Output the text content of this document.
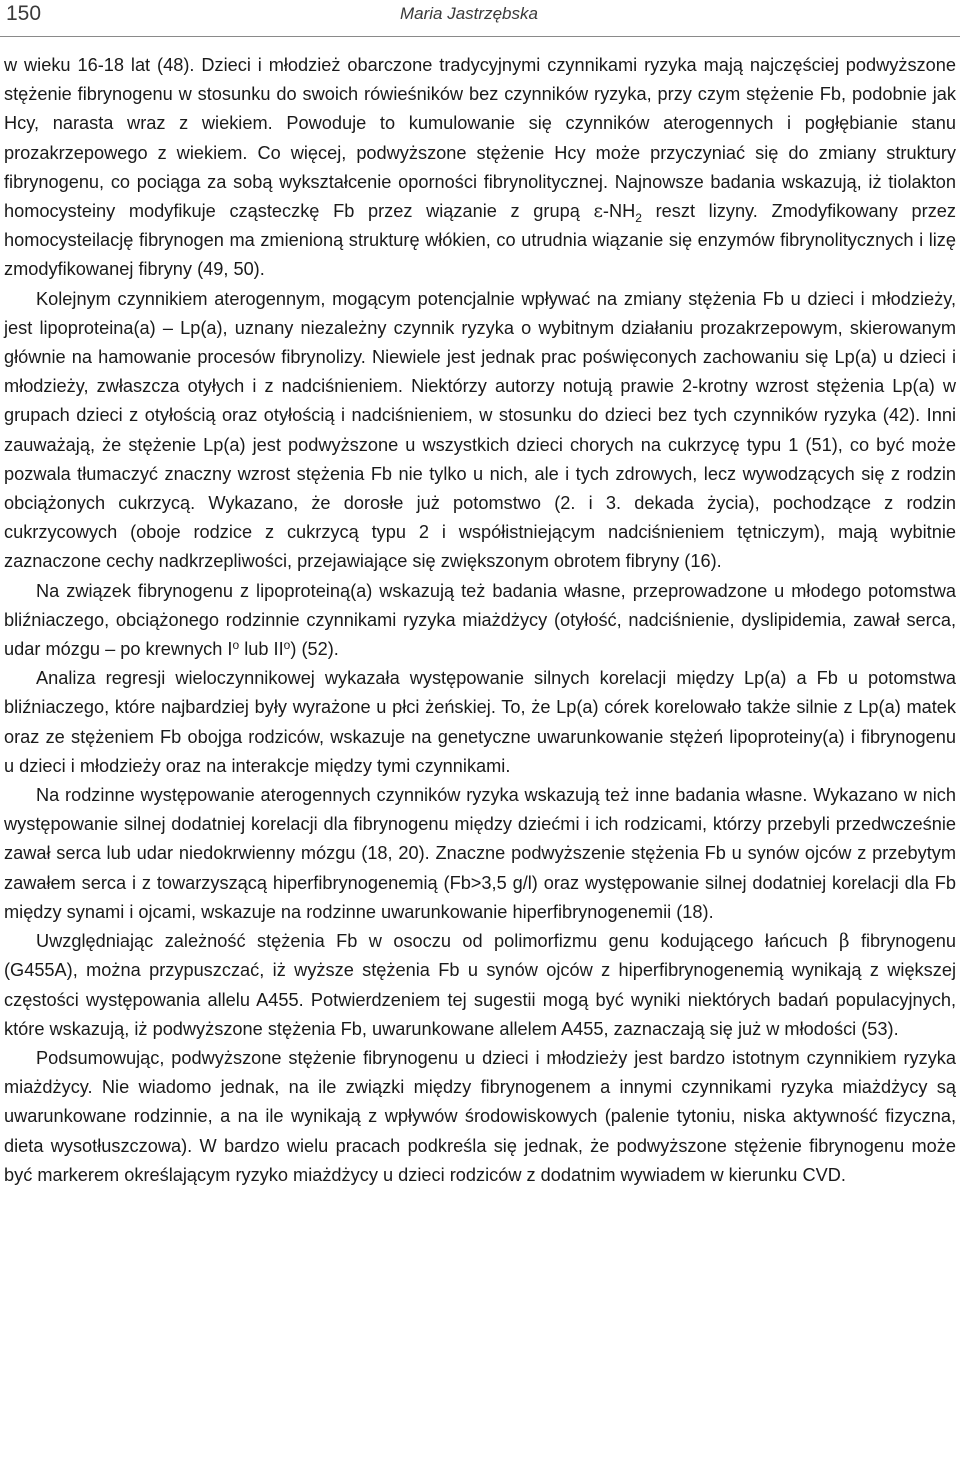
150	Maria Jastrzębska

w wieku 16-18 lat (48). Dzieci i młodzież obarczone tradycyjnymi czynnikami ryzyka mają najczęściej podwyższone stężenie fibrynogenu w stosunku do swoich rówieśników bez czynników ryzyka, przy czym stężenie Fb, podobnie jak Hcy, narasta wraz z wiekiem. Powoduje to kumulowanie się czynników aterogennych i pogłębianie stanu prozakrzepowego z wiekiem. Co więcej, podwyższone stężenie Hcy może przyczyniać się do zmiany struktury fibrynogenu, co pociąga za sobą wykształcenie oporności fibrynolitycznej. Najnowsze badania wskazują, iż tiolakton homocysteiny modyfikuje cząsteczkę Fb przez wiązanie z grupą $\varepsilon-NH_2$ reszt lizyny. Zmodyfikowany przez homocysteilację fibrynogen ma zmienioną strukturę włókien, co utrudnia wiązanie się enzymów fibrynolitycznych i lizę zmodyfikowanej fibryny (49, 50).

Kolejnym czynnikiem aterogennym, mogącym potencjalnie wpływać na zmiany stężenia Fb u dzieci i młodzieży, jest lipoproteina(a) – Lp(a), uznany niezależny czynnik ryzyka o wybitnym działaniu prozakrzepowym, skierowanym głównie na hamowanie procesów fibrynolizy. Niewiele jest jednak prac poświęconych zachowaniu się Lp(a) u dzieci i młodzieży, zwłaszcza otyłych i z nadciśnieniem. Niektórzy autorzy notują prawie 2-krotny wzrost stężenia Lp(a) w grupach dzieci z otyłością oraz otyłością i nadciśnieniem, w stosunku do dzieci bez tych czynników ryzyka (42). Inni zauważają, że stężenie Lp(a) jest podwyższone u wszystkich dzieci chorych na cukrzycę typu 1 (51), co być może pozwala tłumaczyć znaczny wzrost stężenia Fb nie tylko u nich, ale i tych zdrowych, lecz wywodzących się z rodzin obciążonych cukrzycą. Wykazano, że dorosłe już potomstwo (2. i 3. dekada życia), pochodzące z rodzin cukrzycowych (oboje rodzice z cukrzycą typu 2 i współistniejącym nadciśnieniem tętniczym), mają wybitnie zaznaczone cechy nadkrzepliwości, przejawiające się zwiększonym obrotem fibryny (16).

Na związek fibrynogenu z lipoproteiną(a) wskazują też badania własne, przeprowadzone u młodego potomstwa bliźniaczego, obciążonego rodzinnie czynnikami ryzyka miażdżycy (otyłość, nadciśnienie, dyslipidemia, zawał serca, udar mózgu – po krewnych $I^o$ lub $II^o$) (52).

Analiza regresji wieloczynnikowej wykazała występowanie silnych korelacji między Lp(a) a Fb u potomstwa bliźniaczego, które najbardziej były wyrażone u płci żeńskiej. To, że Lp(a) córek korelowało także silnie z Lp(a) matek oraz ze stężeniem Fb obojga rodziców, wskazuje na genetyczne uwarunkowanie stężeń lipoproteiny(a) i fibrynogenu u dzieci i młodzieży oraz na interakcje między tymi czynnikami.

Na rodzinne występowanie aterogennych czynników ryzyka wskazują też inne badania własne. Wykazano w nich występowanie silnej dodatniej korelacji dla fibrynogenu między dziećmi i ich rodzicami, którzy przebyli przedwcześnie zawał serca lub udar niedokrwienny mózgu (18, 20). Znaczne podwyższenie stężenia Fb u synów ojców z przebytym zawałem serca i z towarzyszącą hiperfibrynogenemią (Fb>3,5 g/l) oraz występowanie silnej dodatniej korelacji dla Fb między synami i ojcami, wskazuje na rodzinne uwarunkowanie hiperfibrynogenemii (18).

Uwzględniając zależność stężenia Fb w osoczu od polimorfizmu genu kodującego łańcuch β fibrynogenu (G455A), można przypuszczać, iż wyższe stężenia Fb u synów ojców z hiperfibrynogenemią wynikają z większej częstości występowania allelu A455. Potwierdzeniem tej sugestii mogą być wyniki niektórych badań populacyjnych, które wskazują, iż podwyższone stężenia Fb, uwarunkowane allelem A455, zaznaczają się już w młodości (53).

Podsumowując, podwyższone stężenie fibrynogenu u dzieci i młodzieży jest bardzo istotnym czynnikiem ryzyka miażdżycy. Nie wiadomo jednak, na ile związki między fibrynogenem a innymi czynnikami ryzyka miażdżycy są uwarunkowane rodzinnie, a na ile wynikają z wpływów środowiskowych (palenie tytoniu, niska aktywność fizyczna, dieta wysotłuszczowa). W bardzo wielu pracach podkreśla się jednak, że podwyższone stężenie fibrynogenu może być markerem określającym ryzyko miażdżycy u dzieci rodziców z dodatnim wywiadem w kierunku CVD.
